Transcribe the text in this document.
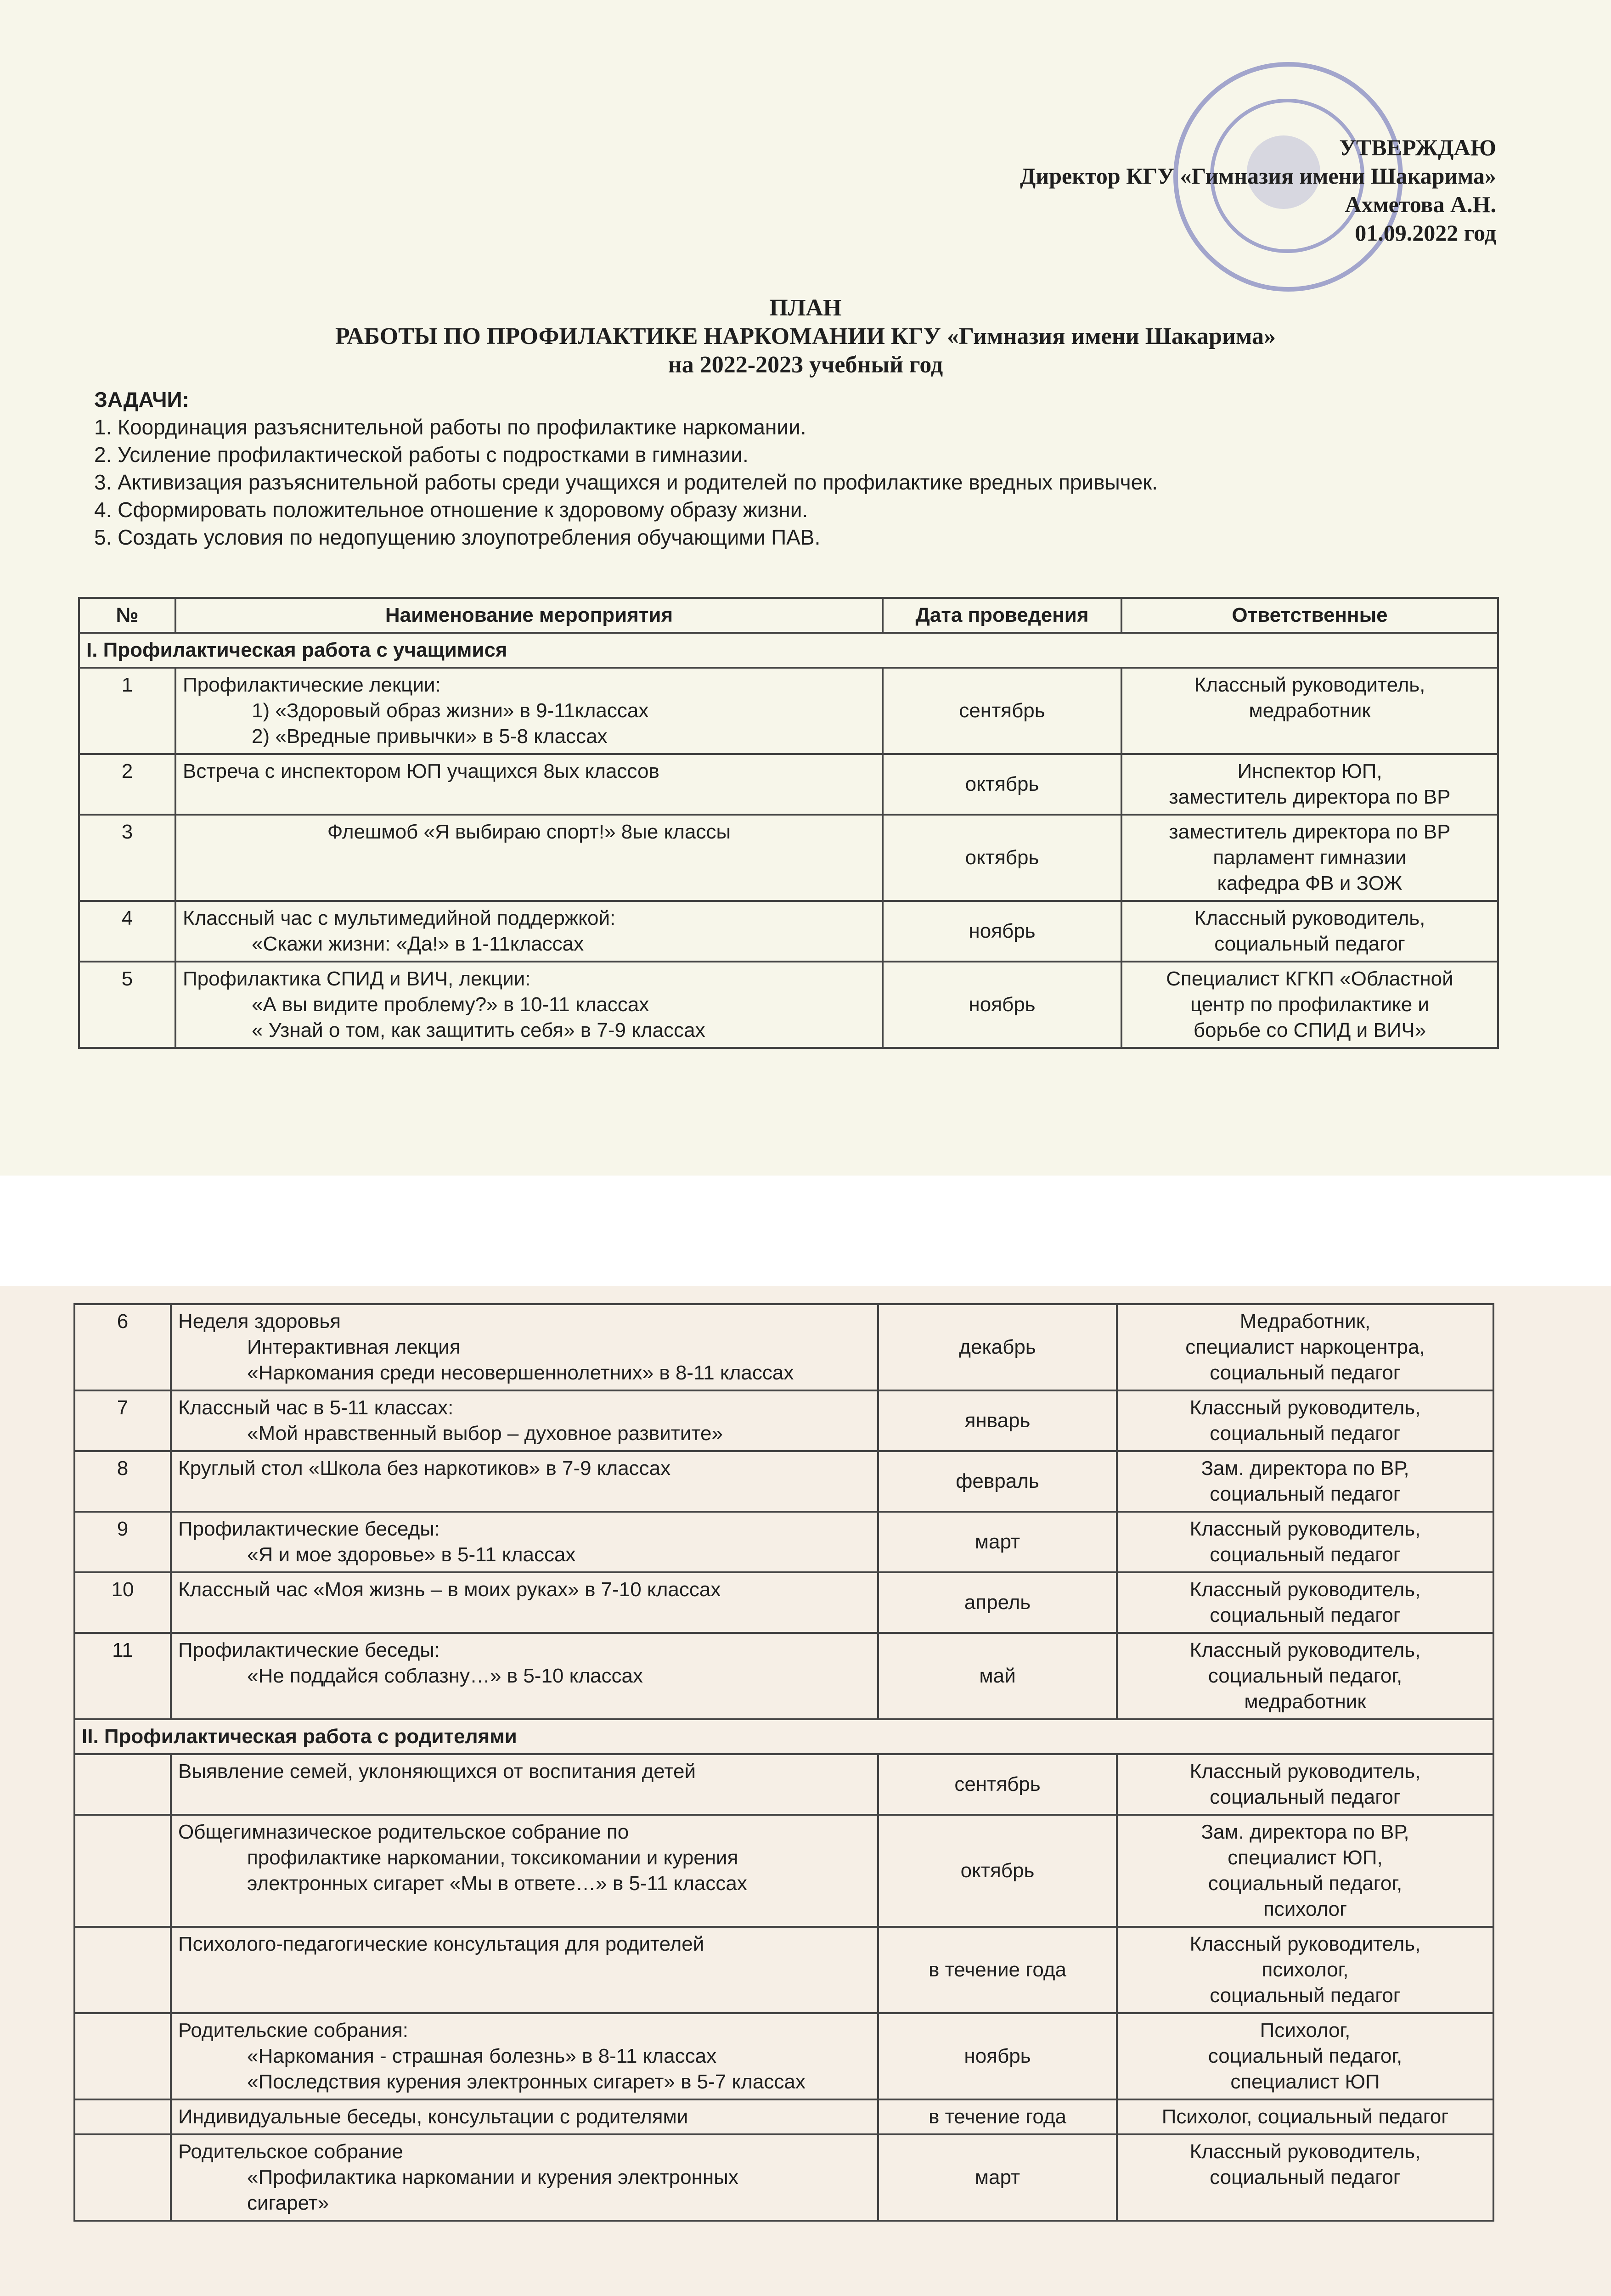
УТВЕРЖДАЮ
Директор КГУ «Гимназия имени Шакарима»
Ахметова А.Н.
01.09.2022 год
ПЛАН
РАБОТЫ ПО ПРОФИЛАКТИКЕ НАРКОМАНИИ КГУ «Гимназия имени Шакарима»
на 2022-2023 учебный год
ЗАДАЧИ:
1. Координация разъяснительной работы по профилактике наркомании.
2. Усиление профилактической работы с подростками в гимназии.
3. Активизация разъяснительной работы среди учащихся и родителей по профилактике вредных привычек.
4. Сформировать положительное отношение к здоровому образу жизни.
5. Создать условия по недопущению злоупотребления обучающими ПАВ.
№	Наименование мероприятия	Дата проведения	Ответственные
I. Профилактическая работа с учащимися			
1	Профилактические лекции:
1) «Здоровый образ жизни» в 9-11классах
2) «Вредные привычки» в 5-8 классах	сентябрь	Классный руководитель,
медработник

2	Встреча с инспектором ЮП учащихся 8ых классов	октябрь	Инспектор ЮП,
заместитель директора по ВР

3	Флешмоб «Я выбираю спорт!» 8ые классы	октябрь	заместитель директора по ВР
парламент гимназии
кафедра ФВ и ЗОЖ

4	Классный час с мультимедийной поддержкой:
«Скажи жизни: «Да!» в 1-11классах	ноябрь	Классный руководитель,
социальный педагог

5	Профилактика СПИД и ВИЧ, лекции:
«А вы видите проблему?» в 10-11 классах
« Узнай о том, как защитить себя» в 7-9 классах	ноябрь	Специалист КГКП «Областной
центр по профилактике и
борьбе со СПИД и ВИЧ»
6	Неделя здоровья
Интерактивная лекция
«Наркомания среди несовершеннолетних» в 8-11 классах	декабрь	Медработник,
специалист наркоцентра,
социальный педагог

7	Классный час в 5-11 классах:
«Мой нравственный выбор – духовное развитите»	январь	Классный руководитель,
социальный педагог

8	Круглый стол «Школа без наркотиков» в 7-9 классах	февраль	Зам. директора по ВР,
социальный педагог

9	Профилактические беседы:
«Я и мое здоровье» в 5-11 классах	март	Классный руководитель,
социальный педагог

10	Классный час «Моя жизнь – в моих руках» в 7-10 классах	апрель	Классный руководитель,
социальный педагог

11	Профилактические беседы:
«Не поддайся соблазну…» в 5-10 классах	май	Классный руководитель,
социальный педагог,
медработник

II. Профилактическая работа с родителями			

	Выявление семей, уклоняющихся от воспитания детей	сентябрь	Классный руководитель,
социальный педагог

	Общегимназическое родительское собрание по
профилактике наркомании, токсикомании и курения
электронных сигарет «Мы в ответе…» в 5-11 классах	октябрь	Зам. директора по ВР,
специалист ЮП,
социальный педагог,
психолог

	Психолого-педагогические консультация для родителей	в течение года	Классный руководитель,
психолог,
социальный педагог

	Родительские собрания:
«Наркомания - страшная болезнь» в 8-11 классах
«Последствия курения электронных сигарет» в 5-7 классах	ноябрь	Психолог,
социальный педагог,
специалист ЮП

	Индивидуальные беседы, консультации с родителями	в течение года	Психолог, социальный педагог

	Родительское собрание
«Профилактика наркомании и курения электронных
сигарет»	март	Классный руководитель,
социальный педагог
